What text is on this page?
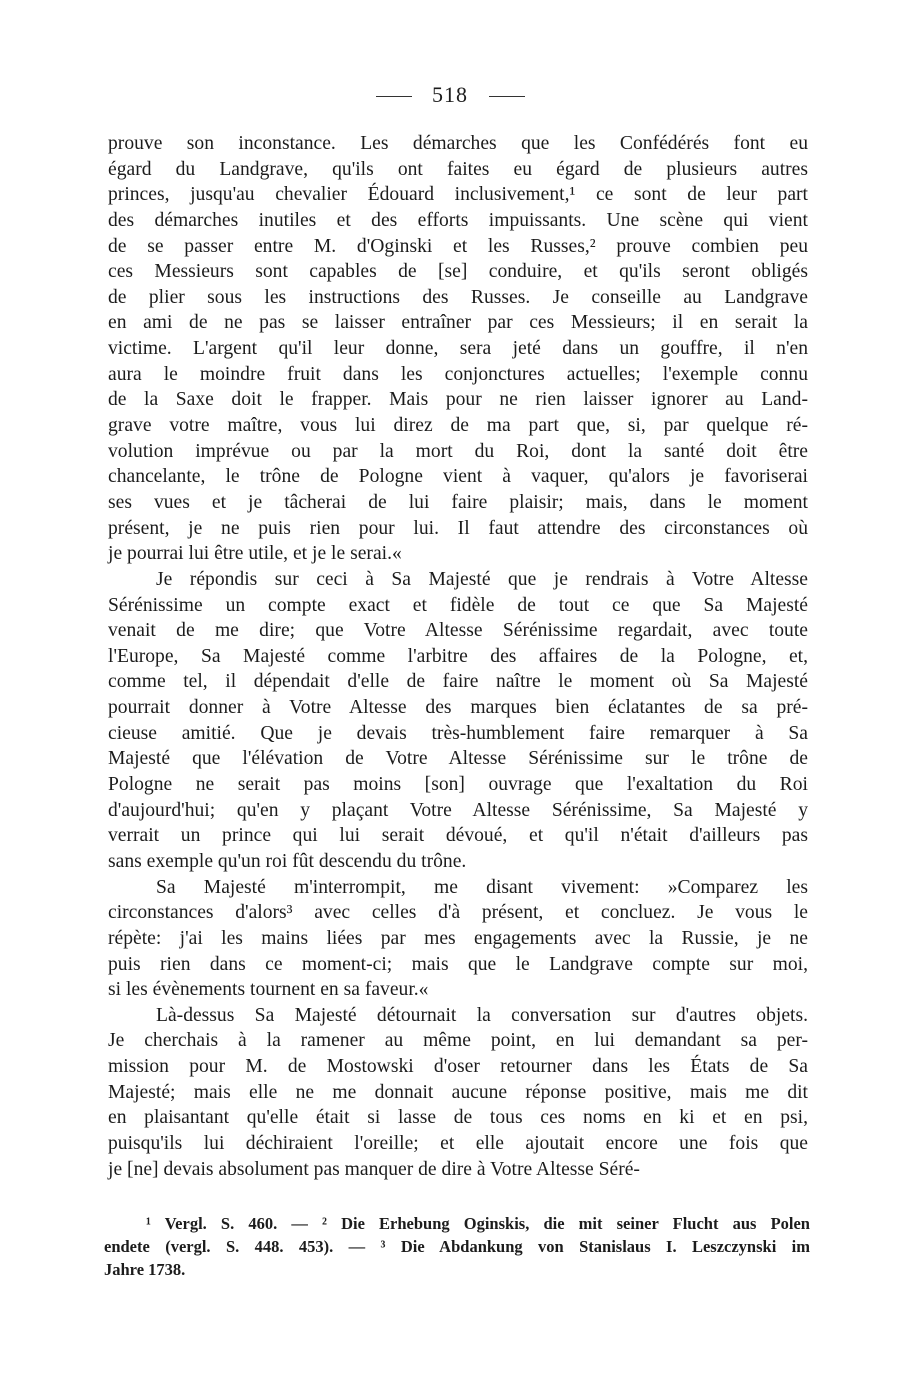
518
prouve son inconstance. Les démarches que les Confédérés font eu
égard du Landgrave, qu'ils ont faites eu égard de plusieurs autres
princes, jusqu'au chevalier Édouard inclusivement,¹ ce sont de leur part
des démarches inutiles et des efforts impuissants. Une scène qui vient
de se passer entre M. d'Oginski et les Russes,² prouve combien peu
ces Messieurs sont capables de [se] conduire, et qu'ils seront obligés
de plier sous les instructions des Russes. Je conseille au Landgrave
en ami de ne pas se laisser entraîner par ces Messieurs; il en serait la
victime. L'argent qu'il leur donne, sera jeté dans un gouffre, il n'en
aura le moindre fruit dans les conjonctures actuelles; l'exemple connu
de la Saxe doit le frapper. Mais pour ne rien laisser ignorer au Land-
grave votre maître, vous lui direz de ma part que, si, par quelque ré-
volution imprévue ou par la mort du Roi, dont la santé doit être
chancelante, le trône de Pologne vient à vaquer, qu'alors je favoriserai
ses vues et je tâcherai de lui faire plaisir; mais, dans le moment
présent, je ne puis rien pour lui. Il faut attendre des circonstances où
je pourrai lui être utile, et je le serai.«
Je répondis sur ceci à Sa Majesté que je rendrais à Votre Altesse
Sérénissime un compte exact et fidèle de tout ce que Sa Majesté
venait de me dire; que Votre Altesse Sérénissime regardait, avec toute
l'Europe, Sa Majesté comme l'arbitre des affaires de la Pologne, et,
comme tel, il dépendait d'elle de faire naître le moment où Sa Majesté
pourrait donner à Votre Altesse des marques bien éclatantes de sa pré-
cieuse amitié. Que je devais très-humblement faire remarquer à Sa
Majesté que l'élévation de Votre Altesse Sérénissime sur le trône de
Pologne ne serait pas moins [son] ouvrage que l'exaltation du Roi
d'aujourd'hui; qu'en y plaçant Votre Altesse Sérénissime, Sa Majesté y
verrait un prince qui lui serait dévoué, et qu'il n'était d'ailleurs pas
sans exemple qu'un roi fût descendu du trône.
Sa Majesté m'interrompit, me disant vivement: »Comparez les
circonstances d'alors³ avec celles d'à présent, et concluez. Je vous le
répète: j'ai les mains liées par mes engagements avec la Russie, je ne
puis rien dans ce moment-ci; mais que le Landgrave compte sur moi,
si les évènements tournent en sa faveur.«
Là-dessus Sa Majesté détournait la conversation sur d'autres objets.
Je cherchais à la ramener au même point, en lui demandant sa per-
mission pour M. de Mostowski d'oser retourner dans les États de Sa
Majesté; mais elle ne me donnait aucune réponse positive, mais me dit
en plaisantant qu'elle était si lasse de tous ces noms en ki et en psi,
puisqu'ils lui déchiraient l'oreille; et elle ajoutait encore une fois que
je [ne] devais absolument pas manquer de dire à Votre Altesse Séré-
¹ Vergl. S. 460. — ² Die Erhebung Oginskis, die mit seiner Flucht aus Polen
endete (vergl. S. 448. 453). — ³ Die Abdankung von Stanislaus I. Leszczynski im
Jahre 1738.
